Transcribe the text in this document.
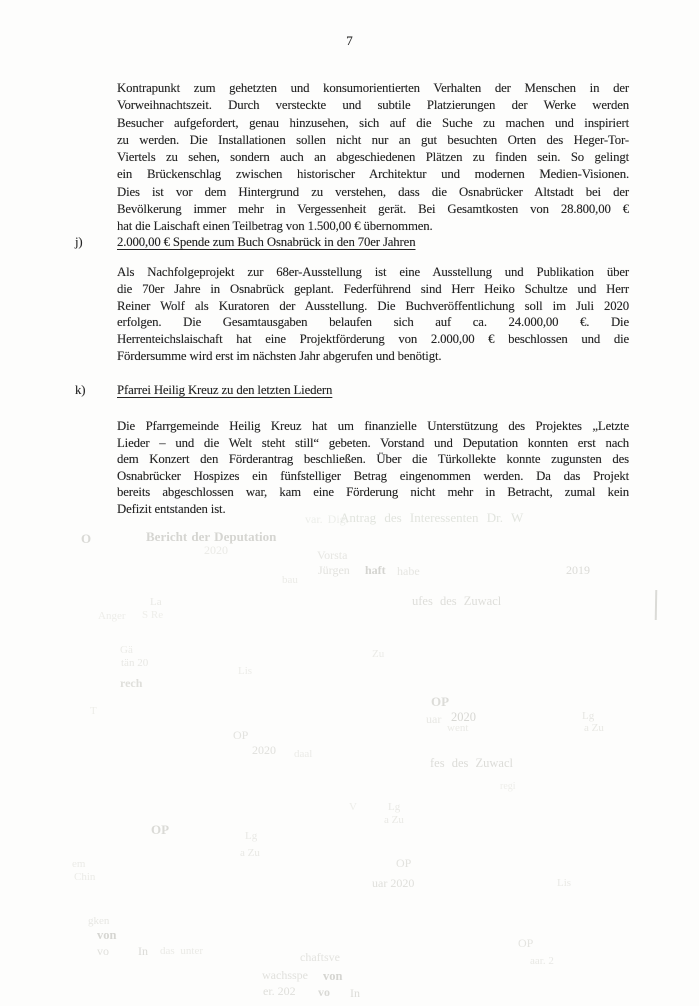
7
Kontrapunkt zum gehetzten und konsumorientierten Verhalten der Menschen in der
Vorweihnachtszeit. Durch versteckte und subtile Platzierungen der Werke werden
Besucher aufgefordert, genau hinzusehen, sich auf die Suche zu machen und inspiriert
zu werden. Die Installationen sollen nicht nur an gut besuchten Orten des Heger-Tor-
Viertels zu sehen, sondern auch an abgeschiedenen Plätzen zu finden sein. So gelingt
ein Brückenschlag zwischen historischer Architektur und modernen Medien-Visionen.
Dies ist vor dem Hintergrund zu verstehen, dass die Osnabrücker Altstadt bei der
Bevölkerung immer mehr in Vergessenheit gerät. Bei Gesamtkosten von 28.800,00 €
hat die Laischaft einen Teilbetrag von 1.500,00 € übernommen.
j)	2.000,00 € Spende zum Buch Osnabrück in den 70er Jahren
Als Nachfolgeprojekt zur 68er-Ausstellung ist eine Ausstellung und Publikation über
die 70er Jahre in Osnabrück geplant. Federführend sind Herr Heiko Schultze und Herr
Reiner Wolf als Kuratoren der Ausstellung. Die Buchveröffentlichung soll im Juli 2020
erfolgen. Die Gesamtausgaben belaufen sich auf ca. 24.000,00 €. Die
Herrenteichslaischaft hat eine Projektförderung von 2.000,00 € beschlossen und die
Fördersumme wird erst im nächsten Jahr abgerufen und benötigt.
k) Pfarrei Heilig Kreuz zu den letzten Liedern
Die Pfarrgemeinde Heilig Kreuz hat um finanzielle Unterstützung des Projektes „Letzte
Lieder – und die Welt steht still“ gebeten. Vorstand und Deputation konnten erst nach
dem Konzert den Förderantrag beschließen. Über die Türkollekte konnte zugunsten des
Osnabrücker Hospizes ein fünfstelliger Betrag eingenommen werden. Da das Projekt
bereits abgeschlossen war, kam eine Förderung nicht mehr in Betracht, zumal kein
Defizit entstanden ist.
var. Dig.
Antrag des Interessenten Dr. W
O	Bericht der Deputation
2020	Vorsta
Jürgen haft habe	2019
bau
ufes des Zuwacl
La
Anger S Re
Gä
tän 20
rech
Lis
Zu
T
OP
uar 2020
went
Lg
a Zu
OP
2020 daal
fes des Zuwacl
regi
V	Lg
a Zu
OP	Lg
a Zu
em
Chin
OP
uar 2020	Lis
gken
von
vo In das unter
OP
aar. 2
chaftsve
wachsspe von
er. 202 vo In
